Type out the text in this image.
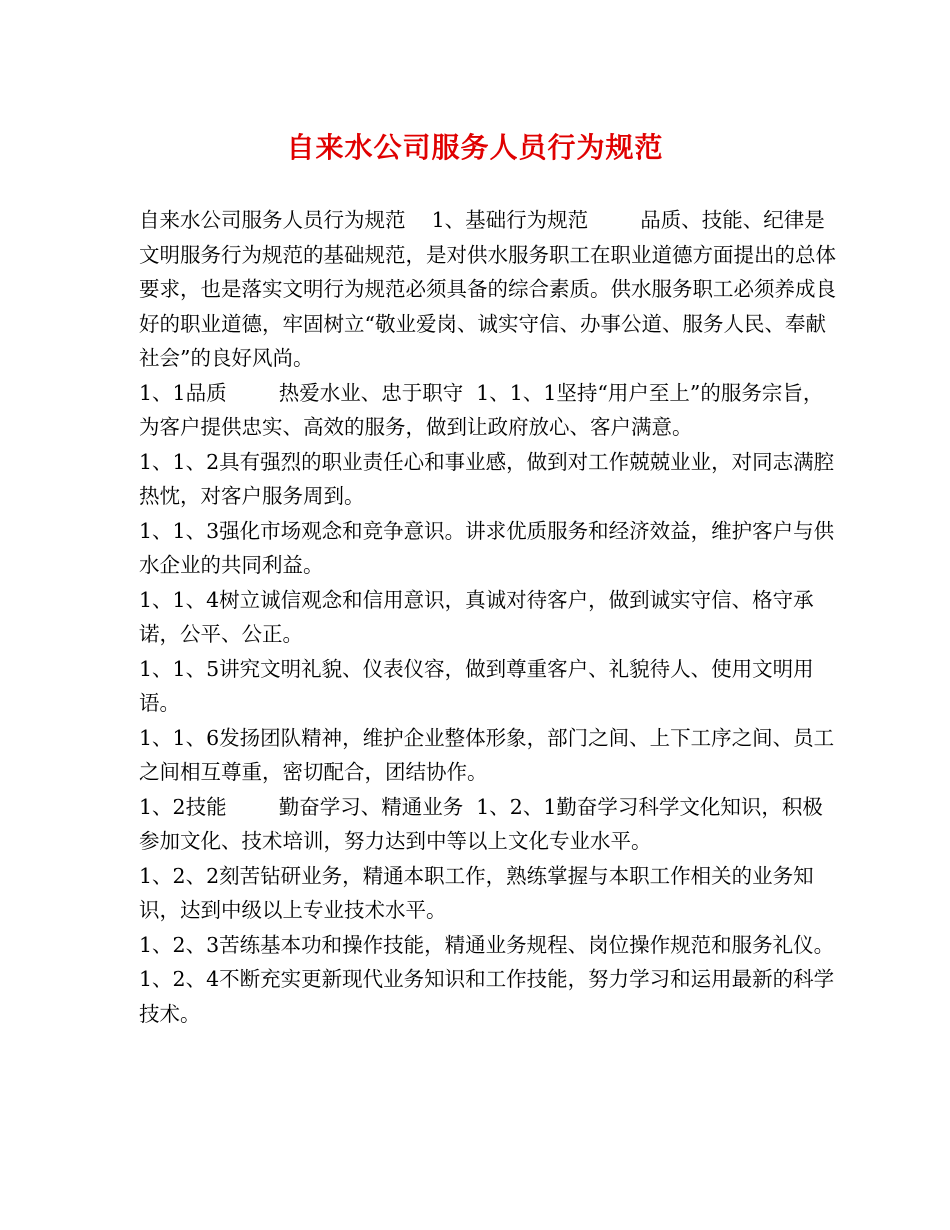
自来水公司服务人员行为规范

自来水公司服务人员行为规范    1、基础行为规范        品质、技能、纪律是文明服务行为规范的基础规范，是对供水服务职工在职业道德方面提出的总体要求，也是落实文明行为规范必须具备的综合素质。供水服务职工必须养成良好的职业道德，牢固树立“敬业爱岗、诚实守信、办事公道、服务人民、奉献社会”的良好风尚。

1、1品质        热爱水业、忠于职守  1、1、1坚持“用户至上”的服务宗旨，为客户提供忠实、高效的服务，做到让政府放心、客户满意。

1、1、2具有强烈的职业责任心和事业感，做到对工作兢兢业业，对同志满腔热忱，对客户服务周到。

1、1、3强化市场观念和竞争意识。讲求优质服务和经济效益，维护客户与供水企业的共同利益。

1、1、4树立诚信观念和信用意识，真诚对待客户，做到诚实守信、格守承诺，公平、公正。

1、1、5讲究文明礼貌、仪表仪容，做到尊重客户、礼貌待人、使用文明用语。

1、1、6发扬团队精神，维护企业整体形象，部门之间、上下工序之间、员工之间相互尊重，密切配合，团结协作。

1、2技能        勤奋学习、精通业务  1、2、1勤奋学习科学文化知识，积极参加文化、技术培训，努力达到中等以上文化专业水平。

1、2、2刻苦钻研业务，精通本职工作，熟练掌握与本职工作相关的业务知识，达到中级以上专业技术水平。

1、2、3苦练基本功和操作技能，精通业务规程、岗位操作规范和服务礼仪。

1、2、4不断充实更新现代业务知识和工作技能，努力学习和运用最新的科学技术。
